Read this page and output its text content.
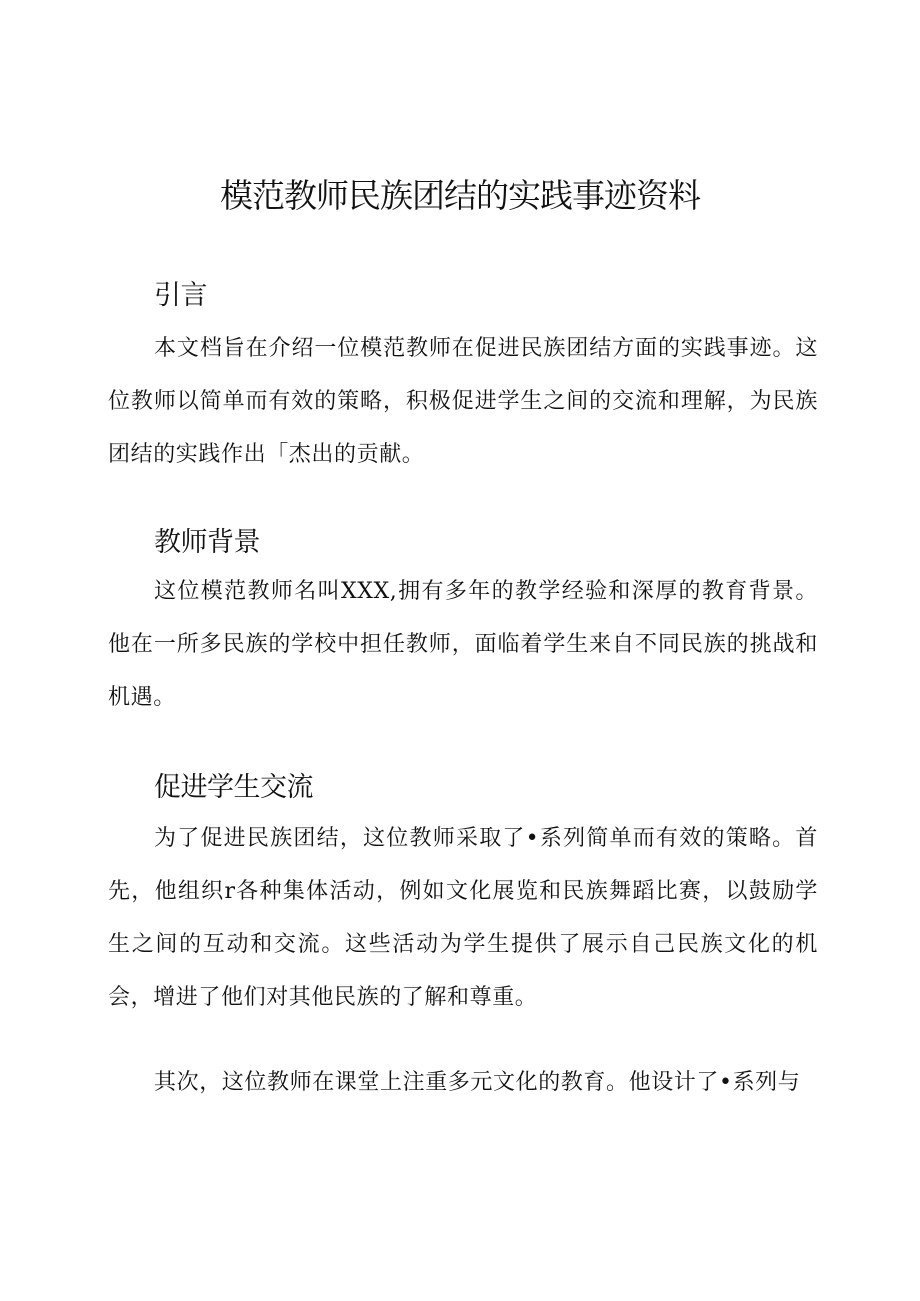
模范教师民族团结的实践事迹资料
引言

本文档旨在介绍一位模范教师在促进民族团结方面的实践事迹。这位教师以简单而有效的策略，积极促进学生之间的交流和理解，为民族团结的实践作出「杰出的贡献。

教师背景

这位模范教师名叫XXX,拥有多年的教学经验和深厚的教育背景。他在一所多民族的学校中担任教师，面临着学生来自不同民族的挑战和机遇。

促进学生交流

为了促进民族团结，这位教师采取了•系列简单而有效的策略。首先，他组织r各种集体活动，例如文化展览和民族舞蹈比赛，以鼓励学生之间的互动和交流。这些活动为学生提供了展示自己民族文化的机会，增进了他们对其他民族的了解和尊重。

其次，这位教师在课堂上注重多元文化的教育。他设计了•系列与
